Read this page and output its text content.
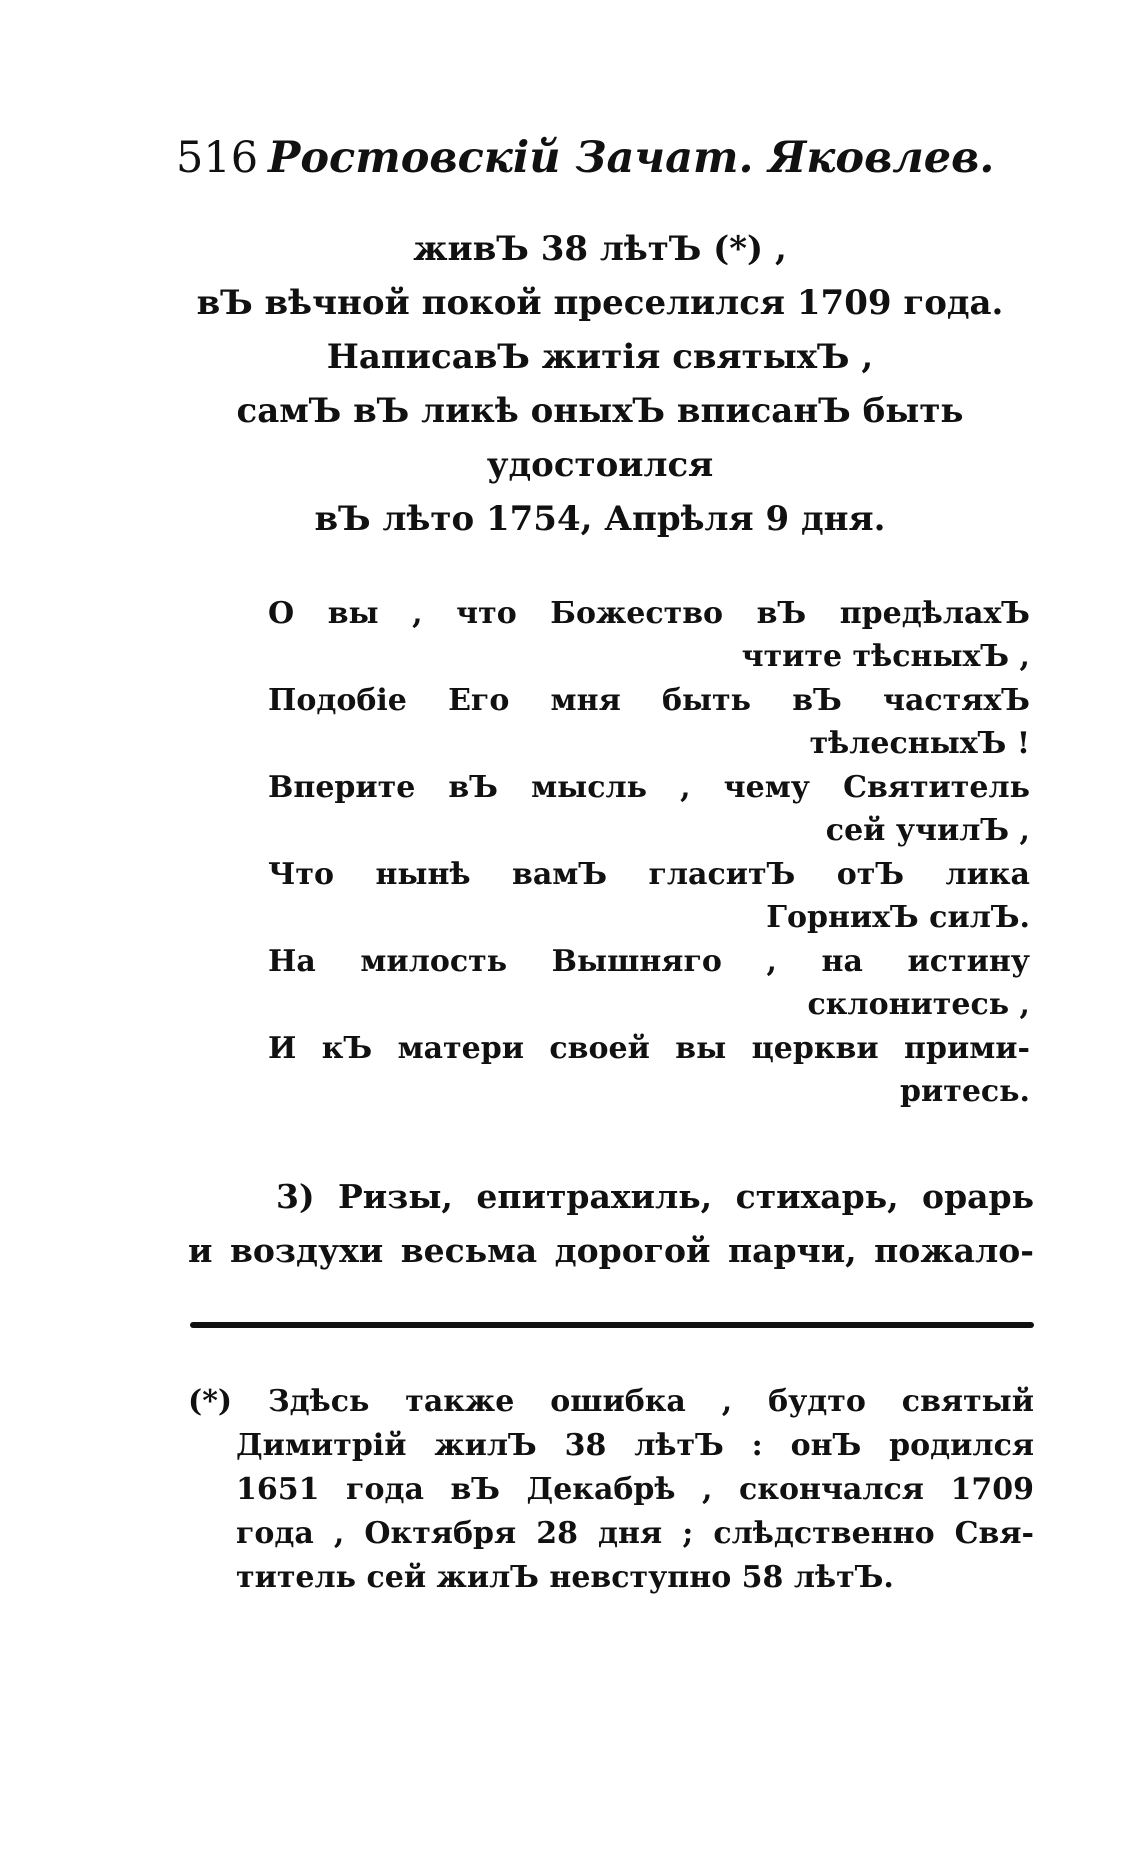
516 Ростовскій Зачат. Яковлев.
живЪ 38 лѣтЪ (*) ,
вЪ вѣчной покой преселился 1709 года.
НаписавЪ житія святыхЪ ,
самЪ вЪ ликѣ оныхЪ вписанЪ быть
удостоился
вЪ лѣто 1754, Апрѣля 9 дня.
О вы , что Божество вЪ предѣлахЪ
чтите тѣсныхЪ ,
Подобіе Его мня быть вЪ частяхЪ
тѣлесныхЪ !
Вперите вЪ мысль , чему Святитель
сей училЪ ,
Что нынѣ вамЪ гласитЪ отЪ лика
ГорнихЪ силЪ.
На милость Вышняго , на истину
склонитесь ,
И кЪ матери своей вы церкви прими-
ритесь.
3) Ризы, епитрахиль, стихарь, орарь
и воздухи весьма дорогой парчи, пожало-
(*) Здѣсь также ошибка , будто святый
Димитрій жилЪ 38 лѣтЪ : онЪ родился
1651 года вЪ Декабрѣ , скончался 1709
года , Октября 28 дня ; слѣдственно Свя-
титель сей жилЪ невступно 58 лѣтЪ.
